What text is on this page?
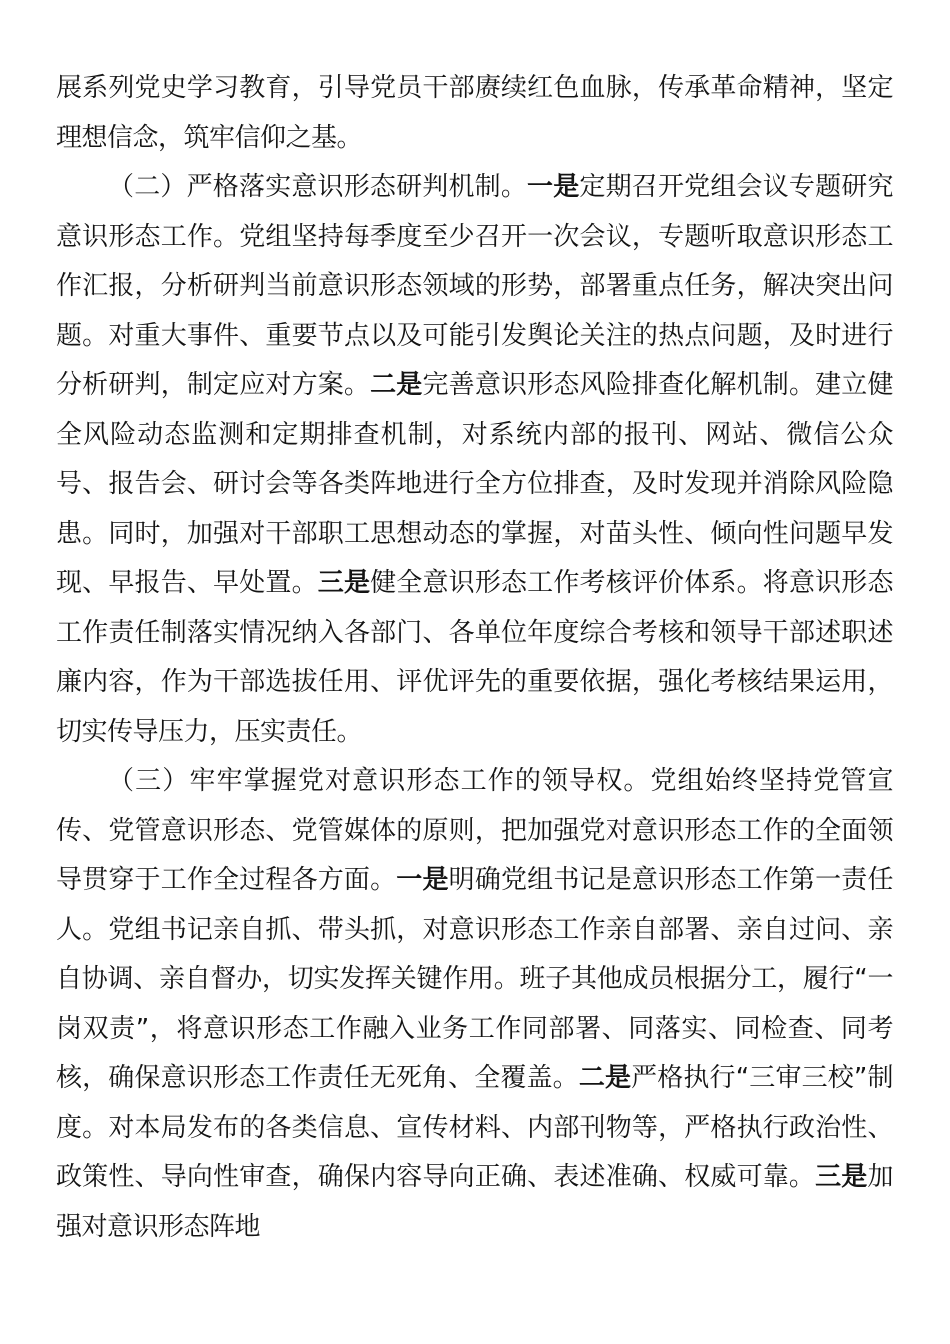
展系列党史学习教育，引导党员干部赓续红色血脉，传承革命精神，坚定理想信念，筑牢信仰之基。

（二）严格落实意识形态研判机制。一是定期召开党组会议专题研究意识形态工作。党组坚持每季度至少召开一次会议，专题听取意识形态工作汇报，分析研判当前意识形态领域的形势，部署重点任务，解决突出问题。对重大事件、重要节点以及可能引发舆论关注的热点问题，及时进行分析研判，制定应对方案。二是完善意识形态风险排查化解机制。建立健全风险动态监测和定期排查机制，对系统内部的报刊、网站、微信公众号、报告会、研讨会等各类阵地进行全方位排查，及时发现并消除风险隐患。同时，加强对干部职工思想动态的掌握，对苗头性、倾向性问题早发现、早报告、早处置。三是健全意识形态工作考核评价体系。将意识形态工作责任制落实情况纳入各部门、各单位年度综合考核和领导干部述职述廉内容，作为干部选拔任用、评优评先的重要依据，强化考核结果运用，切实传导压力，压实责任。

（三）牢牢掌握党对意识形态工作的领导权。党组始终坚持党管宣传、党管意识形态、党管媒体的原则，把加强党对意识形态工作的全面领导贯穿于工作全过程各方面。一是明确党组书记是意识形态工作第一责任人。党组书记亲自抓、带头抓，对意识形态工作亲自部署、亲自过问、亲自协调、亲自督办，切实发挥关键作用。班子其他成员根据分工，履行“一岗双责”，将意识形态工作融入业务工作同部署、同落实、同检查、同考核，确保意识形态工作责任无死角、全覆盖。二是严格执行“三审三校”制度。对本局发布的各类信息、宣传材料、内部刊物等，严格执行政治性、政策性、导向性审查，确保内容导向正确、表述准确、权威可靠。三是加强对意识形态阵地
